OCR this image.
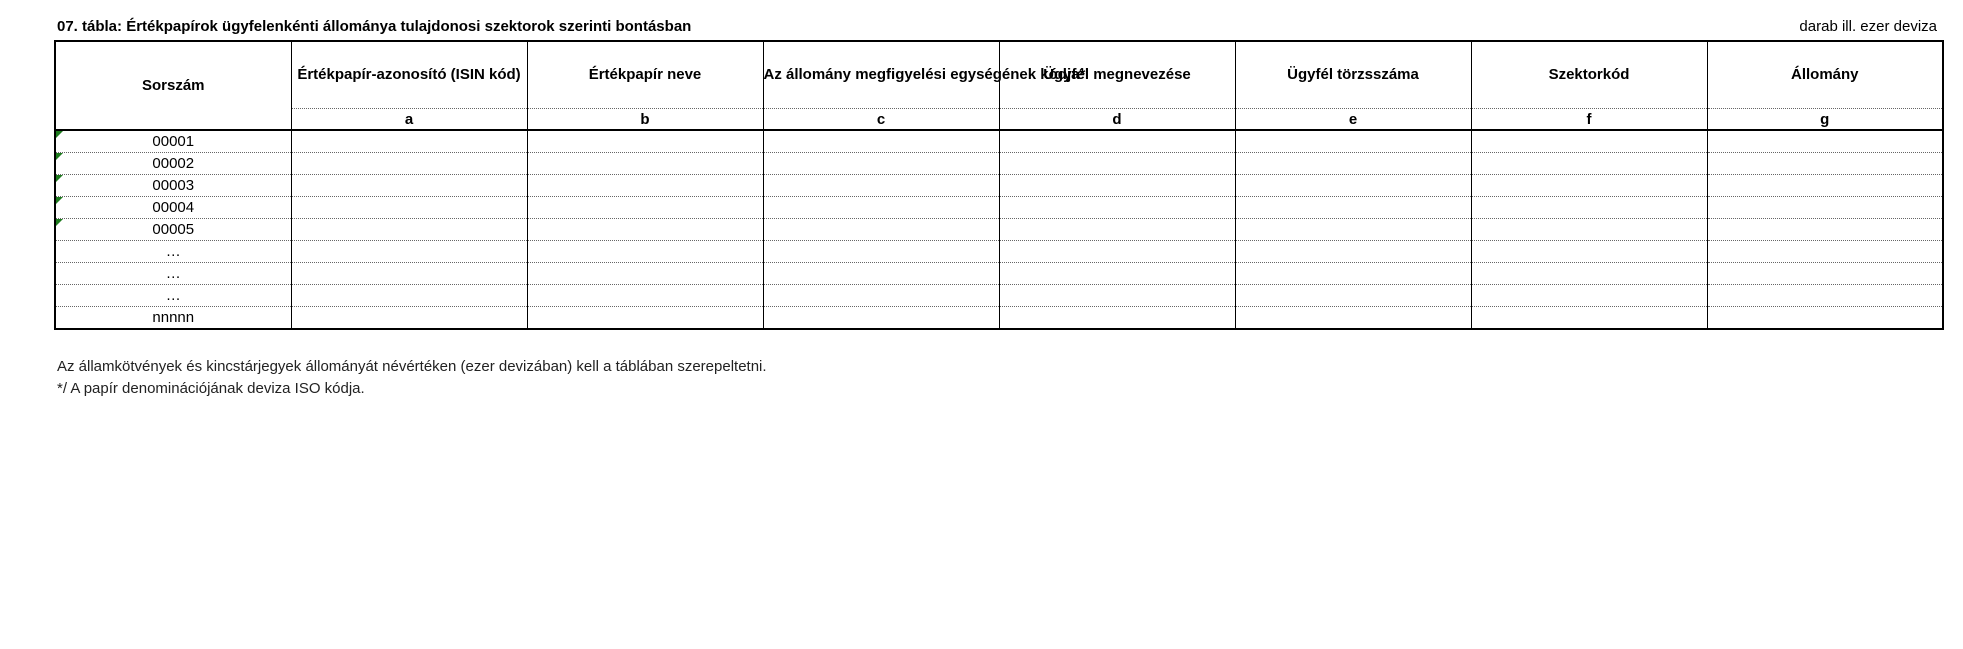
07. tábla: Értékpapírok ügyfelenkénti állománya tulajdonosi szektorok szerinti bontásban	darab ill. ezer deviza
Sorszám	Értékpapír-azonosító (ISIN kód)	Értékpapír neve	Az állomány megfigyelési egységének kódja*	Ügyfél megnevezése	Ügyfél törzsszáma	Szektorkód	Állomány
	a	b	c	d	e	f	g

00001							

00002							

00003							

00004							

00005							
…							
…							
…							
nnnnn							
Az államkötvények és kincstárjegyek állományát névértéken (ezer devizában) kell a táblában szerepeltetni.
*/ A papír denominációjának deviza ISO kódja.
